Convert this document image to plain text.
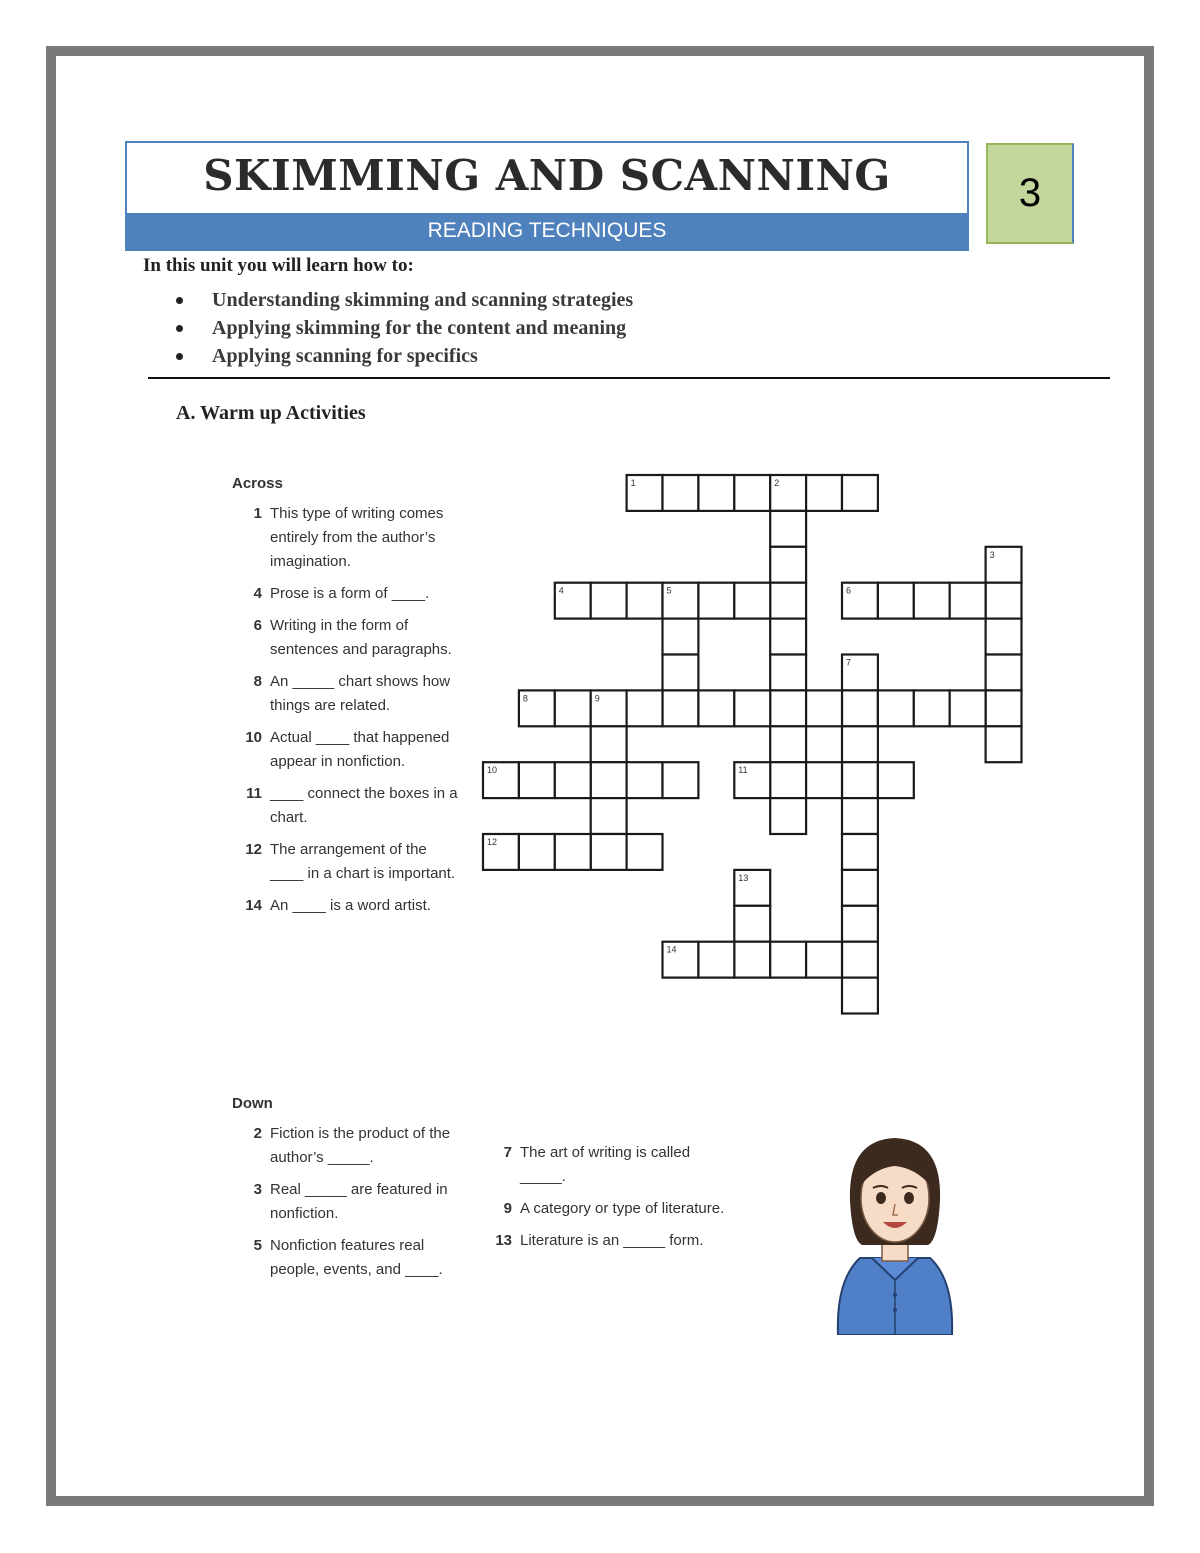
SKIMMING AND SCANNING
READING TECHNIQUES
3
In this unit you will learn how to:
Understanding skimming and scanning strategies
Applying skimming for the content and meaning
Applying scanning for specifics
A. Warm up Activities
Across
1 This type of writing comes entirely from the author’s imagination.
4 Prose is a form of ____.
6 Writing in the form of sentences and paragraphs.
8 An _____ chart shows how things are related.
10 Actual ____ that happened appear in nonfiction.
11 ____ connect the boxes in a chart.
12 The arrangement of the ____ in a chart is important.
14 An ____ is a word artist.
Down
2 Fiction is the product of the author’s _____.
3 Real _____ are featured in nonfiction.
5 Nonfiction features real people, events, and ____.
7 The art of writing is called _____.
9 A category or type of literature.
13 Literature is an _____ form.
1	2
3
4	5	6
7
8	9
10	11
12
13
14
